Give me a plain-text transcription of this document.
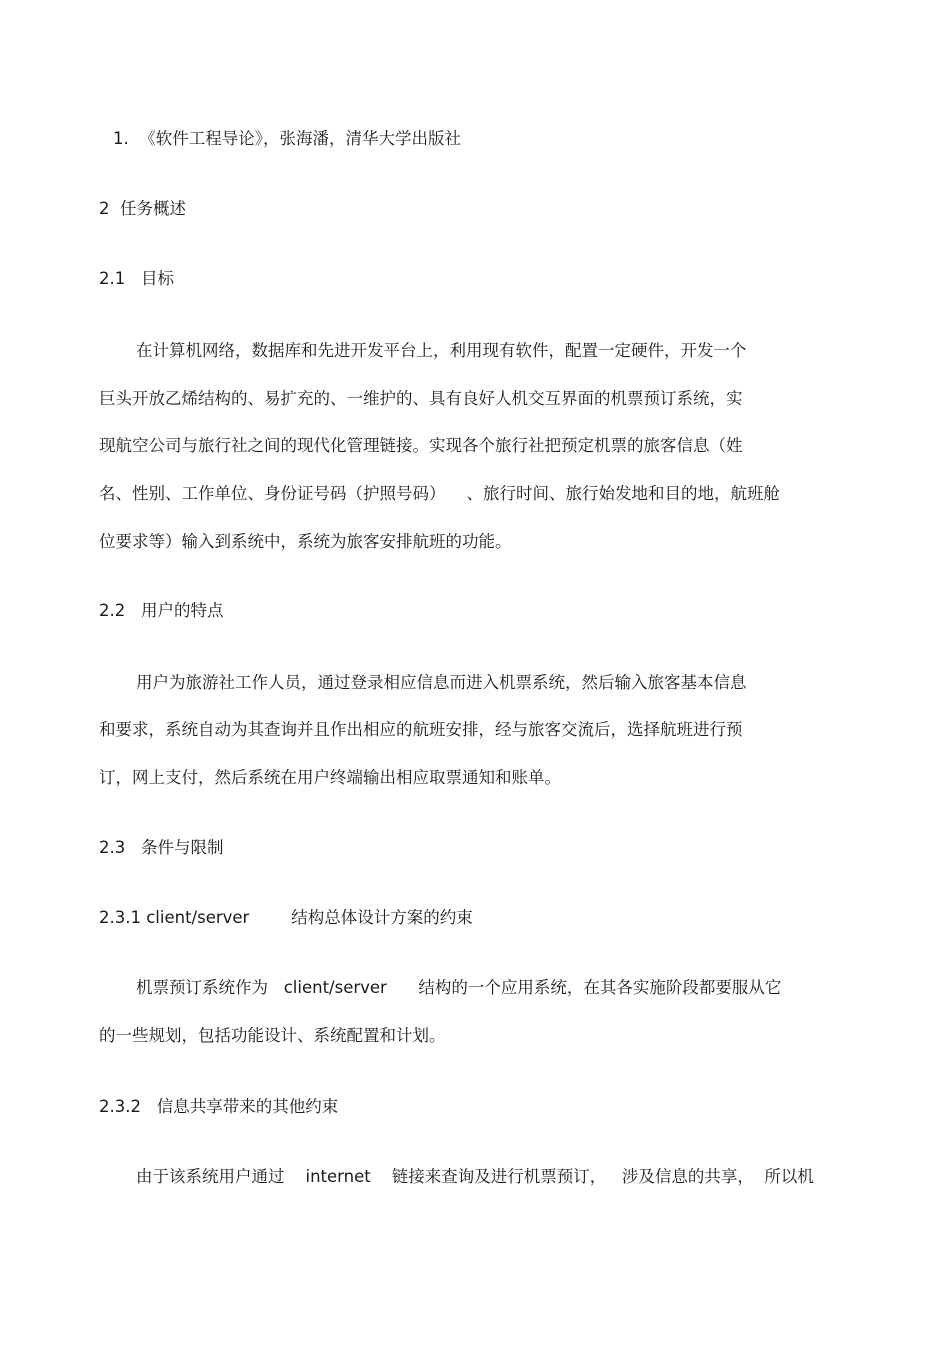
1.  《软件工程导论》，张海潘，清华大学出版社
2  任务概述
2.1   目标
在计算机网络，数据库和先进开发平台上，利用现有软件，配置一定硬件，开发一个
巨头开放乙烯结构的、易扩充的、一维护的、具有良好人机交互界面的机票预订系统，实
现航空公司与旅行社之间的现代化管理链接。实现各个旅行社把预定机票的旅客信息（姓
名、性别、工作单位、身份证号码（护照号码）    、旅行时间、旅行始发地和目的地，航班舱
位要求等）输入到系统中，系统为旅客安排航班的功能。
2.2   用户的特点
用户为旅游社工作人员，通过登录相应信息而进入机票系统，然后输入旅客基本信息
和要求，系统自动为其查询并且作出相应的航班安排，经与旅客交流后，选择航班进行预
订，网上支付，然后系统在用户终端输出相应取票通知和账单。
2.3   条件与限制
2.3.1 client/server        结构总体设计方案的约束
机票预订系统作为   client/server      结构的一个应用系统，在其各实施阶段都要服从它
的一些规划，包括功能设计、系统配置和计划。
2.3.2   信息共享带来的其他约束
由于该系统用户通过    internet    链接来查询及进行机票预订，   涉及信息的共享，  所以机
